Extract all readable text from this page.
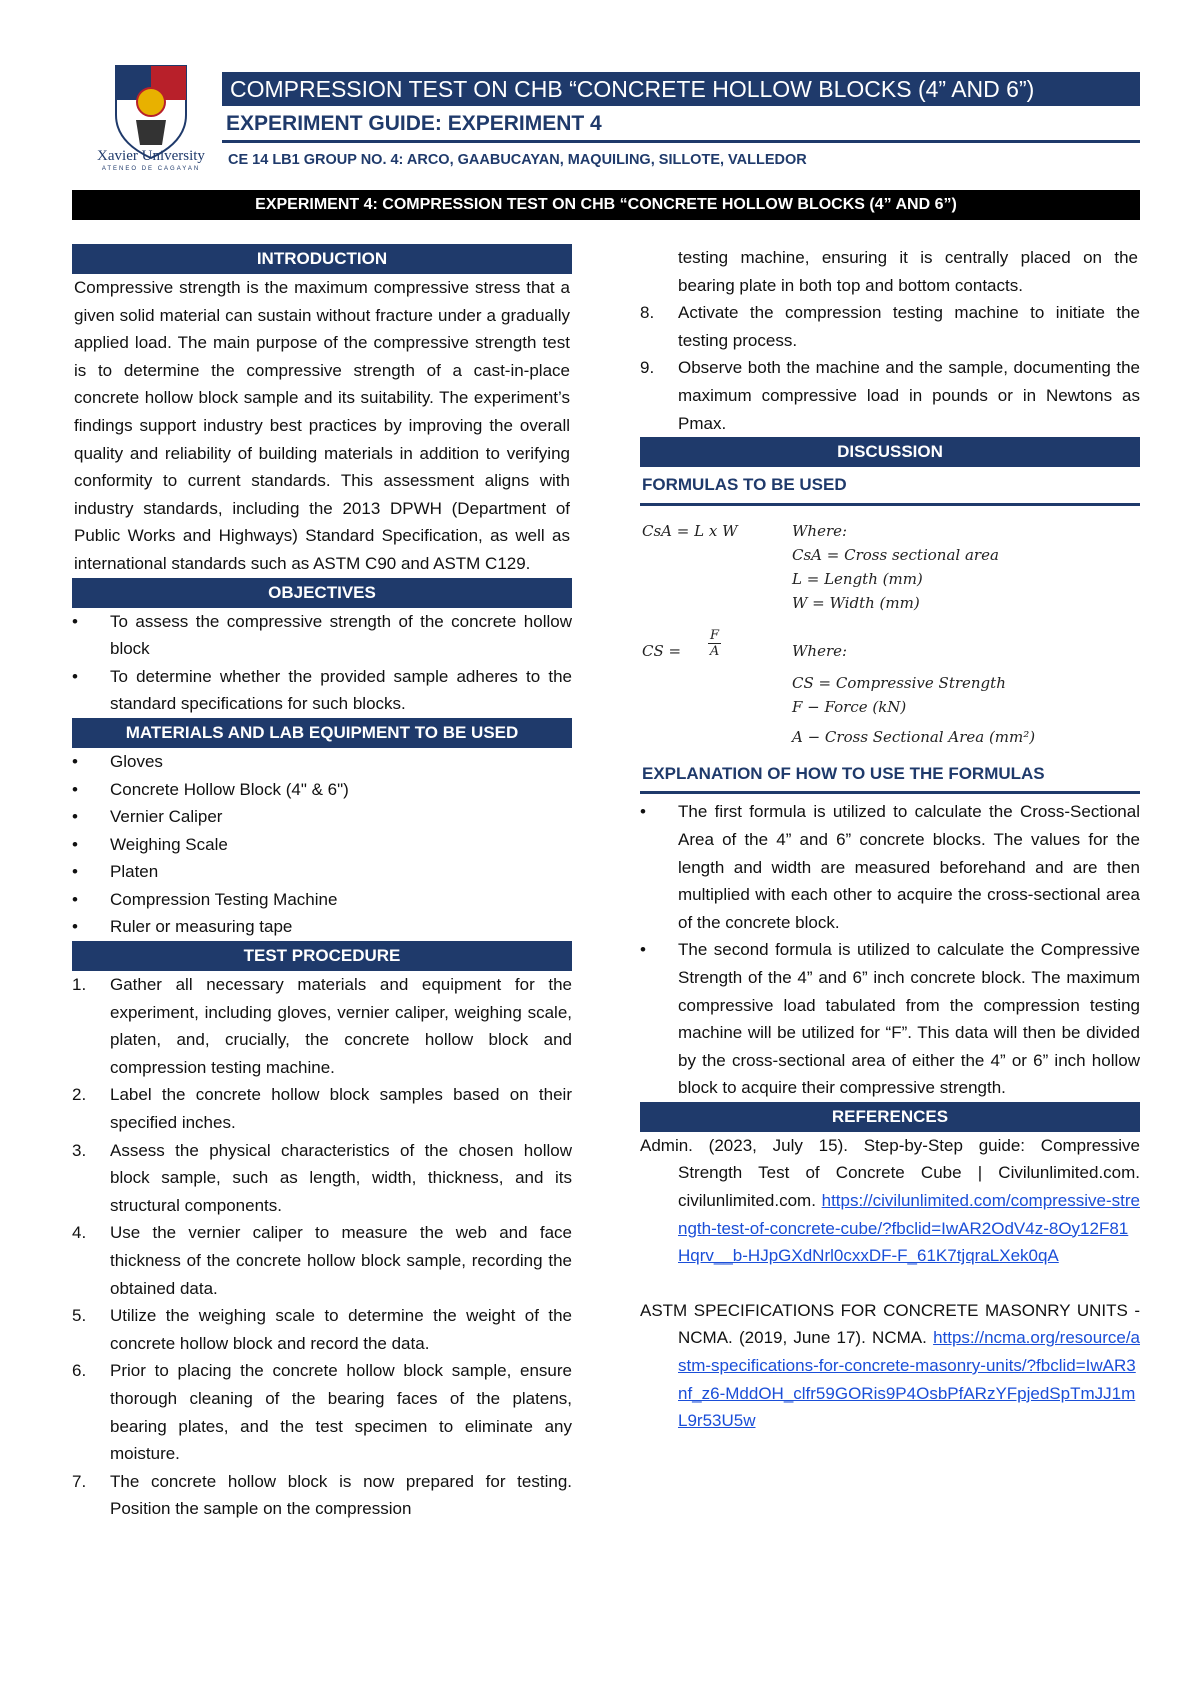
Xavier University
ATENEO DE CAGAYAN
COMPRESSION TEST ON CHB “CONCRETE HOLLOW BLOCKS (4” AND 6”)
EXPERIMENT GUIDE: EXPERIMENT 4
CE 14 LB1 GROUP NO. 4: ARCO, GAABUCAYAN, MAQUILING, SILLOTE, VALLEDOR
EXPERIMENT 4: COMPRESSION TEST ON CHB “CONCRETE HOLLOW BLOCKS (4” AND 6”)
INTRODUCTION

Compressive strength is the maximum compressive stress that a given solid material can sustain without fracture under a gradually applied load. The main purpose of the compressive strength test is to determine the compressive strength of a cast-in-place concrete hollow block sample and its suitability. The experiment’s findings support industry best practices by improving the overall quality and reliability of building materials in addition to verifying conformity to current standards. This assessment aligns with industry standards, including the 2013 DPWH (Department of Public Works and Highways) Standard Specification, as well as international standards such as ASTM C90 and ASTM C129.

OBJECTIVES
• To assess the compressive strength of the concrete hollow block
• To determine whether the provided sample adheres to the standard specifications for such blocks.
MATERIALS AND LAB EQUIPMENT TO BE USED
• Gloves
• Concrete Hollow Block (4" & 6")
• Vernier Caliper
• Weighing Scale
• Platen
• Compression Testing Machine
• Ruler or measuring tape
TEST PROCEDURE
1. Gather all necessary materials and equipment for the experiment, including gloves, vernier caliper, weighing scale, platen, and, crucially, the concrete hollow block and compression testing machine.
2. Label the concrete hollow block samples based on their specified inches.
3. Assess the physical characteristics of the chosen hollow block sample, such as length, width, thickness, and its structural components.
4. Use the vernier caliper to measure the web and face thickness of the concrete hollow block sample, recording the obtained data.
5. Utilize the weighing scale to determine the weight of the concrete hollow block and record the data.
6. Prior to placing the concrete hollow block sample, ensure thorough cleaning of the bearing faces of the platens, bearing plates, and the test specimen to eliminate any moisture.
7. The concrete hollow block is now prepared for testing. Position the sample on the compression

testing machine, ensuring it is centrally placed on the bearing plate in both top and bottom contacts.

8. Activate the compression testing machine to initiate the testing process.
9. Observe both the machine and the sample, documenting the maximum compressive load in pounds or in Newtons as Pmax.
DISCUSSION
FORMULAS TO BE USED
CsA = L x W	Where:
CsA = Cross sectional area
L = Length (mm)
W = Width (mm)
CS = $\frac{F}{A}$	Where:
CS = Compressive Strength
F − Force (kN)
A − Cross Sectional Area (mm²)
EXPLANATION OF HOW TO USE THE FORMULAS
• The first formula is utilized to calculate the Cross-Sectional Area of the 4” and 6” concrete blocks. The values for the length and width are measured beforehand and are then multiplied with each other to acquire the cross-sectional area of the concrete block.
• The second formula is utilized to calculate the Compressive Strength of the 4” and 6” inch concrete block. The maximum compressive load tabulated from the compression testing machine will be utilized for “F”. This data will then be divided by the cross-sectional area of either the 4” or 6” inch hollow block to acquire their compressive strength.
REFERENCES
Admin. (2023, July 15). Step-by-Step guide: Compressive Strength Test of Concrete Cube | Civilunlimited.com. civilunlimited.com. https://civilunlimited.com/compressive-strength-test-of-concrete-cube/?fbclid=IwAR2OdV4z-8Oy12F81Hqrv__b-HJpGXdNrl0cxxDF-F_61K7tjqraLXek0qA
ASTM SPECIFICATIONS FOR CONCRETE MASONRY UNITS - NCMA. (2019, June 17). NCMA. https://ncma.org/resource/astm-specifications-for-concrete-masonry-units/?fbclid=IwAR3nf_z6-MddOH_clfr59GORis9P4OsbPfARzYFpjedSpTmJJ1mL9r53U5w
